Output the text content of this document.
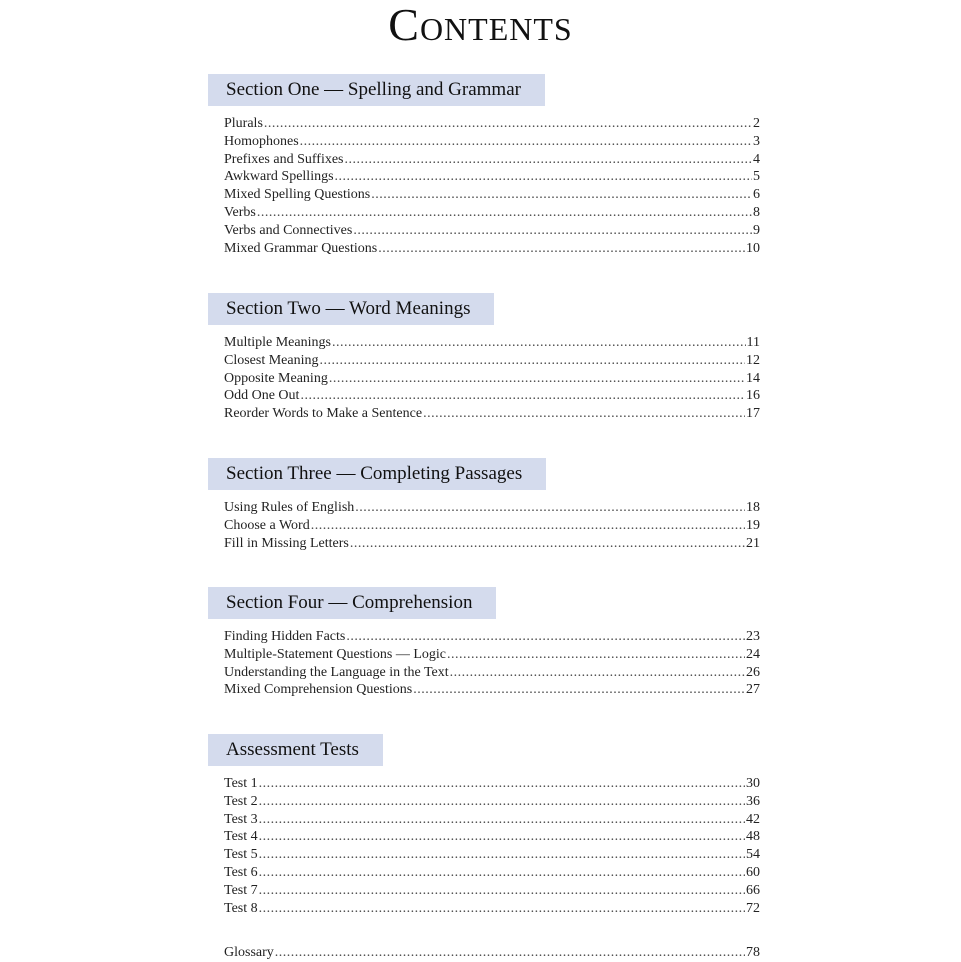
Contents
Section One — Spelling and Grammar
Plurals .....	2
Homophones .....	3
Prefixes and Suffixes .....	4
Awkward Spellings .....	5
Mixed Spelling Questions .....	6
Verbs .....	8
Verbs and Connectives .....	9
Mixed Grammar Questions .....	10
Section Two — Word Meanings
Multiple Meanings .....	11
Closest Meaning .....	12
Opposite Meaning .....	14
Odd One Out .....	16
Reorder Words to Make a Sentence .....	17
Section Three — Completing Passages
Using Rules of English .....	18
Choose a Word .....	19
Fill in Missing Letters .....	21
Section Four — Comprehension
Finding Hidden Facts .....	23
Multiple-Statement Questions — Logic .....	24
Understanding the Language in the Text .....	26
Mixed Comprehension Questions .....	27
Assessment Tests
Test 1 .....	30
Test 2 .....	36
Test 3 .....	42
Test 4 .....	48
Test 5 .....	54
Test 6 .....	60
Test 7 .....	66
Test 8 .....	72
Glossary .....	78
